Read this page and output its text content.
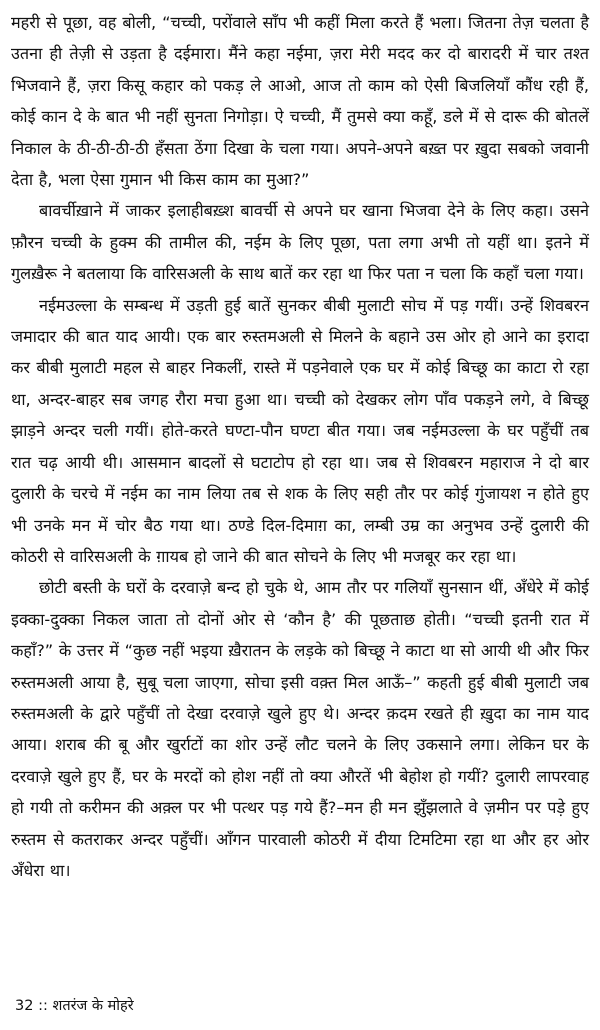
महरी से पूछा, वह बोली, “चच्ची, परोंवाले साँप भी कहीं मिला करते हैं भला। जितना तेज़ चलता है उतना ही तेज़ी से उड़ता है दईमारा। मैंने कहा नईमा, ज़रा मेरी मदद कर दो बारादरी में चार तश्त भिजवाने हैं, ज़रा किसू कहार को पकड़ ले आओ, आज तो काम को ऐसी बिजलियाँ कौंध रही हैं, कोई कान दे के बात भी नहीं सुनता निगोड़ा। ऐ चच्ची, मैं तुमसे क्या कहूँ, डले में से दारू की बोतलें निकाल के ठी-ठी-ठी-ठी हँसता ठेंगा दिखा के चला गया। अपने-अपने बख़्त पर ख़ुदा सबको जवानी देता है, भला ऐसा गुमान भी किस काम का मुआ?”

बावर्चीख़ाने में जाकर इलाहीबख़्श बावर्ची से अपने घर खाना भिजवा देने के लिए कहा। उसने फ़ौरन चच्ची के हुक्म की तामील की, नईम के लिए पूछा, पता लगा अभी तो यहीं था। इतने में गुलख़ैरू ने बतलाया कि वारिसअली के साथ बातें कर रहा था फिर पता न चला कि कहाँ चला गया।

नईमउल्ला के सम्बन्ध में उड़ती हुई बातें सुनकर बीबी मुलाटी सोच में पड़ गयीं। उन्हें शिवबरन जमादार की बात याद आयी। एक बार रुस्तमअली से मिलने के बहाने उस ओर हो आने का इरादा कर बीबी मुलाटी महल से बाहर निकलीं, रास्ते में पड़नेवाले एक घर में कोई बिच्छू का काटा रो रहा था, अन्दर-बाहर सब जगह रौरा मचा हुआ था। चच्ची को देखकर लोग पाँव पकड़ने लगे, वे बिच्छू झाड़ने अन्दर चली गयीं। होते-करते घण्टा-पौन घण्टा बीत गया। जब नईमउल्ला के घर पहुँचीं तब रात चढ़ आयी थी। आसमान बादलों से घटाटोप हो रहा था। जब से शिवबरन महाराज ने दो बार दुलारी के चरचे में नईम का नाम लिया तब से शक के लिए सही तौर पर कोई गुंजायश न होते हुए भी उनके मन में चोर बैठ गया था। ठण्डे दिल-दिमाग़ का, लम्बी उम्र का अनुभव उन्हें दुलारी की कोठरी से वारिसअली के ग़ायब हो जाने की बात सोचने के लिए भी मजबूर कर रहा था।

छोटी बस्ती के घरों के दरवाज़े बन्द हो चुके थे, आम तौर पर गलियाँ सुनसान थीं, अँधेरे में कोई इक्का-दुक्का निकल जाता तो दोनों ओर से ‘कौन है’ की पूछताछ होती। “चच्ची इतनी रात में कहाँ?” के उत्तर में “कुछ नहीं भइया ख़ैरातन के लड़के को बिच्छू ने काटा था सो आयी थी और फिर रुस्तमअली आया है, सुबू चला जाएगा, सोचा इसी वक़्त मिल आऊँ–” कहती हुई बीबी मुलाटी जब रुस्तमअली के द्वारे पहुँचीं तो देखा दरवाज़े खुले हुए थे। अन्दर क़दम रखते ही ख़ुदा का नाम याद आया। शराब की बू और खुर्राटों का शोर उन्हें लौट चलने के लिए उकसाने लगा। लेकिन घर के दरवाज़े खुले हुए हैं, घर के मरदों को होश नहीं तो क्या औरतें भी बेहोश हो गयीं? दुलारी लापरवाह हो गयी तो करीमन की अक़्ल पर भी पत्थर पड़ गये हैं?–मन ही मन झुँझलाते वे ज़मीन पर पड़े हुए रुस्तम से कतराकर अन्दर पहुँचीं। आँगन पारवाली कोठरी में दीया टिमटिमा रहा था और हर ओर अँधेरा था।

32 :: शतरंज के मोहरे
